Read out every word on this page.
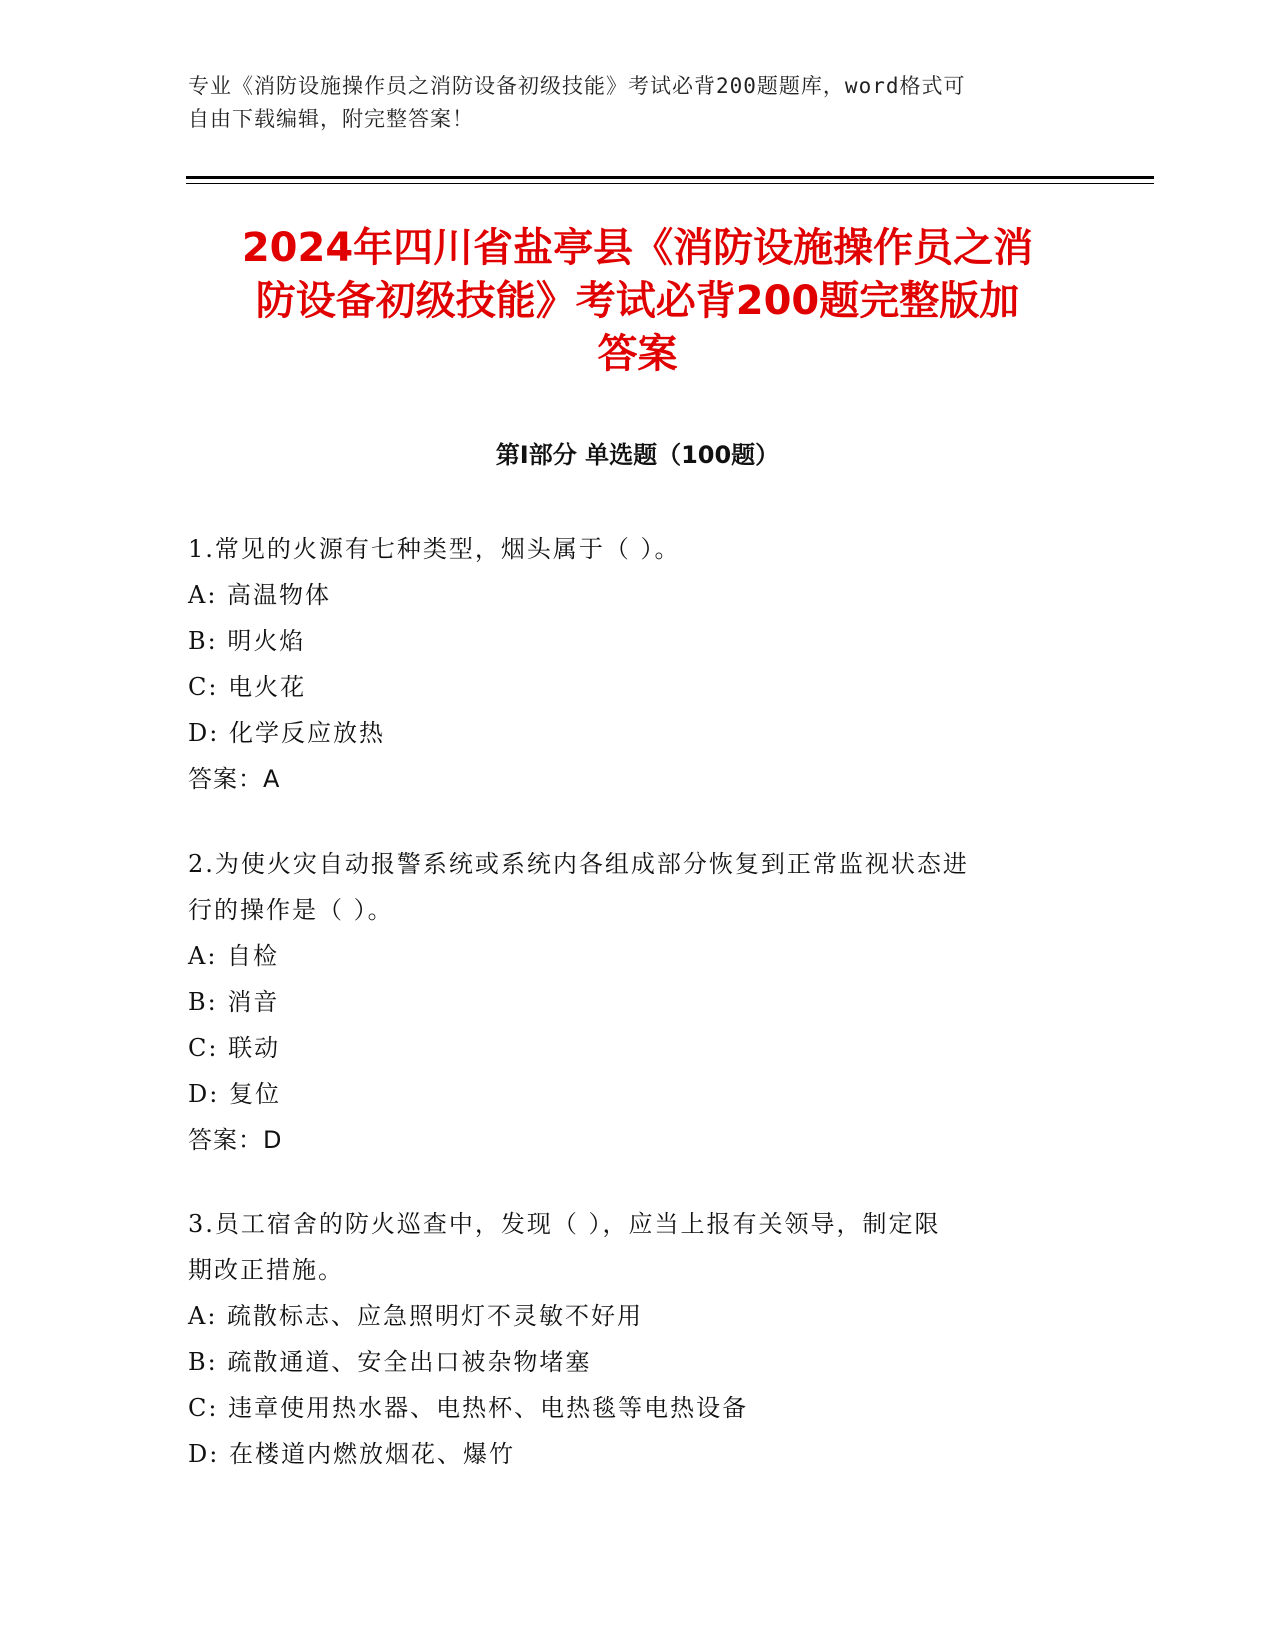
专业《消防设施操作员之消防设备初级技能》考试必背200题题库，word格式可
自由下载编辑，附完整答案！
2024年四川省盐亭县《消防设施操作员之消
防设备初级技能》考试必背200题完整版加
答案
第I部分 单选题（100题）
1.常见的火源有七种类型，烟头属于（ ）。
A: 高温物体
B: 明火焰
C: 电火花
D: 化学反应放热
答案：A
2.为使火灾自动报警系统或系统内各组成部分恢复到正常监视状态进
行的操作是（ ）。
A: 自检
B: 消音
C: 联动
D: 复位
答案：D
3.员工宿舍的防火巡查中，发现（ ），应当上报有关领导，制定限
期改正措施。
A: 疏散标志、应急照明灯不灵敏不好用
B: 疏散通道、安全出口被杂物堵塞
C: 违章使用热水器、电热杯、电热毯等电热设备
D: 在楼道内燃放烟花、爆竹
